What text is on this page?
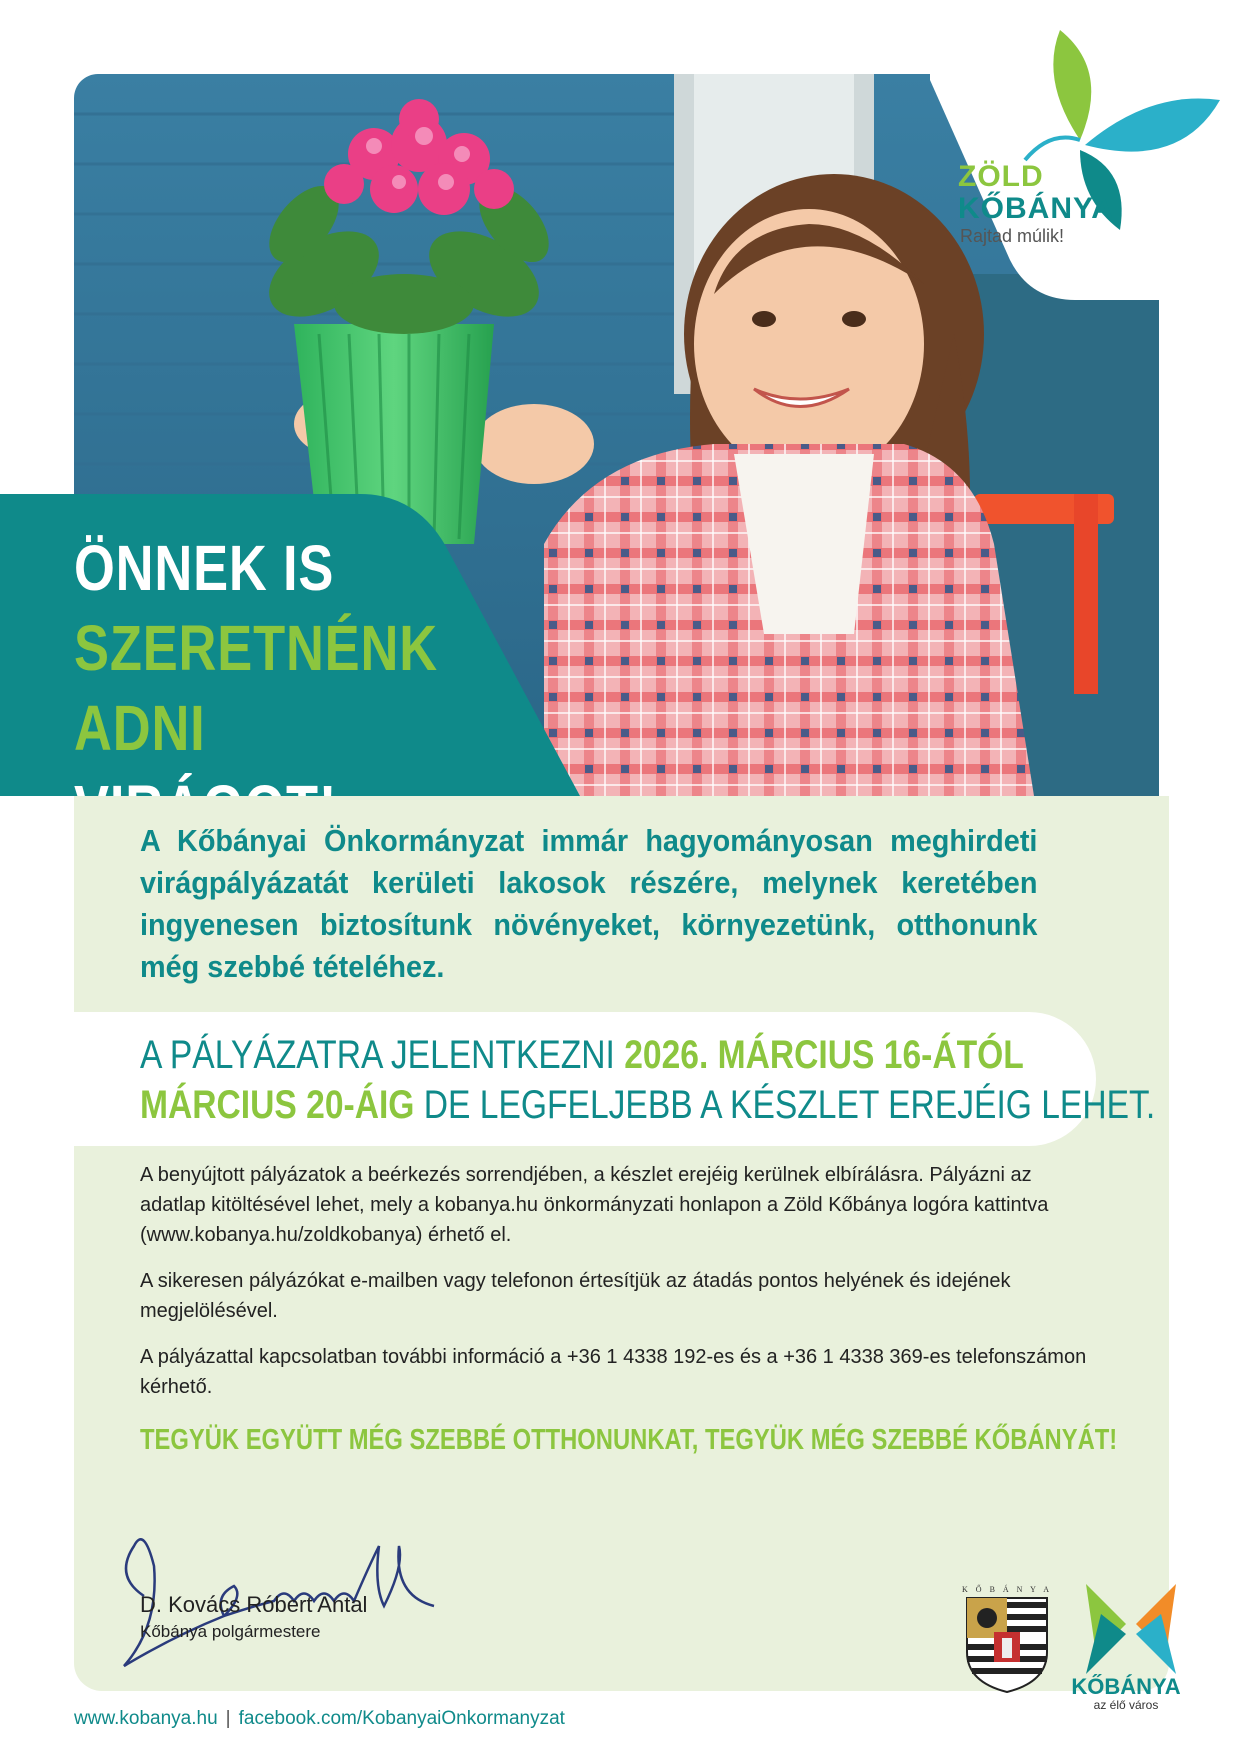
ZÖLD
KŐBÁNYA
Rajtad múlik!
ÖNNEK IS
SZERETNÉNK
ADNI
A Kőbányai Önkormányzat immár hagyományosan meghirdeti virágpályázatát kerületi lakosok részére, melynek keretében ingyenesen biztosítunk növényeket, környezetünk, otthonunk még szebbé tételéhez.
A PÁLYÁZATRA JELENTKEZNI 2026. MÁRCIUS 16-ÁTÓL
MÁRCIUS 20-ÁIG DE LEGFELJEBB A KÉSZLET EREJÉIG LEHET.
A benyújtott pályázatok a beérkezés sorrendjében, a készlet erejéig kerülnek elbírálásra. Pályázni az adatlap kitöltésével lehet, mely a kobanya.hu önkormányzati honlapon a Zöld Kőbánya logóra kattintva (www.kobanya.hu/zoldkobanya) érhető el.
A sikeresen pályázókat e-mailben vagy telefonon értesítjük az átadás pontos helyének és idejének megjelölésével.
A pályázattal kapcsolatban további információ a +36 1 4338 192-es és a +36 1 4338 369-es telefonszámon kérhető.
TEGYÜK EGYÜTT MÉG SZEBBÉ OTTHONUNKAT, TEGYÜK MÉG SZEBBÉ KŐBÁNYÁT!
D. Kovács Róbert Antal
Kőbánya polgármestere
K Ő B Á N Y A
KŐBÁNYA
az élő város
www.kobanya.hu | facebook.com/KobanyaiOnkormanyzat
